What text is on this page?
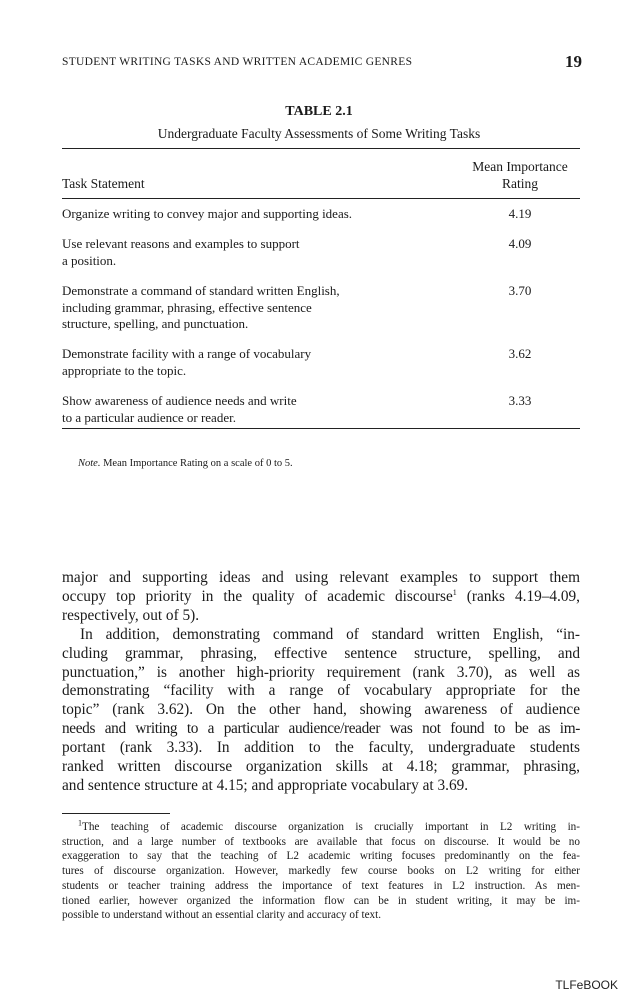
STUDENT WRITING TASKS AND WRITTEN ACADEMIC GENRES	19
TABLE 2.1
Undergraduate Faculty Assessments of Some Writing Tasks
Task Statement
Mean Importance
Rating
Organize writing to convey major and supporting ideas.	4.19
Use relevant reasons and examples to support
a position.
4.09
Demonstrate a command of standard written English,
including grammar, phrasing, effective sentence
structure, spelling, and punctuation.
3.70
Demonstrate facility with a range of vocabulary
appropriate to the topic.
3.62
Show awareness of audience needs and write
to a particular audience or reader.
3.33
Note. Mean Importance Rating on a scale of 0 to 5.

major and supporting ideas and using relevant examples to support them
occupy top priority in the quality of academic discourse$^1$ (ranks 4.19–4.09,
respectively, out of 5).

In addition, demonstrating command of standard written English, “in-
cluding grammar, phrasing, effective sentence structure, spelling, and
punctuation,” is another high-priority requirement (rank 3.70), as well as
demonstrating “facility with a range of vocabulary appropriate for the
topic” (rank 3.62). On the other hand, showing awareness of audience
needs and writing to a particular audience/reader was not found to be as im-
portant (rank 3.33). In addition to the faculty, undergraduate students
ranked written discourse organization skills at 4.18; grammar, phrasing,
and sentence structure at 4.15; and appropriate vocabulary at 3.69.

$^1$The teaching of academic discourse organization is crucially important in L2 writing in-
struction, and a large number of textbooks are available that focus on discourse. It would be no
exaggeration to say that the teaching of L2 academic writing focuses predominantly on the fea-
tures of discourse organization. However, markedly few course books on L2 writing for either
students or teacher training address the importance of text features in L2 instruction. As men-
tioned earlier, however organized the information flow can be in student writing, it may be im-
possible to understand without an essential clarity and accuracy of text.
TLFeBOOK
